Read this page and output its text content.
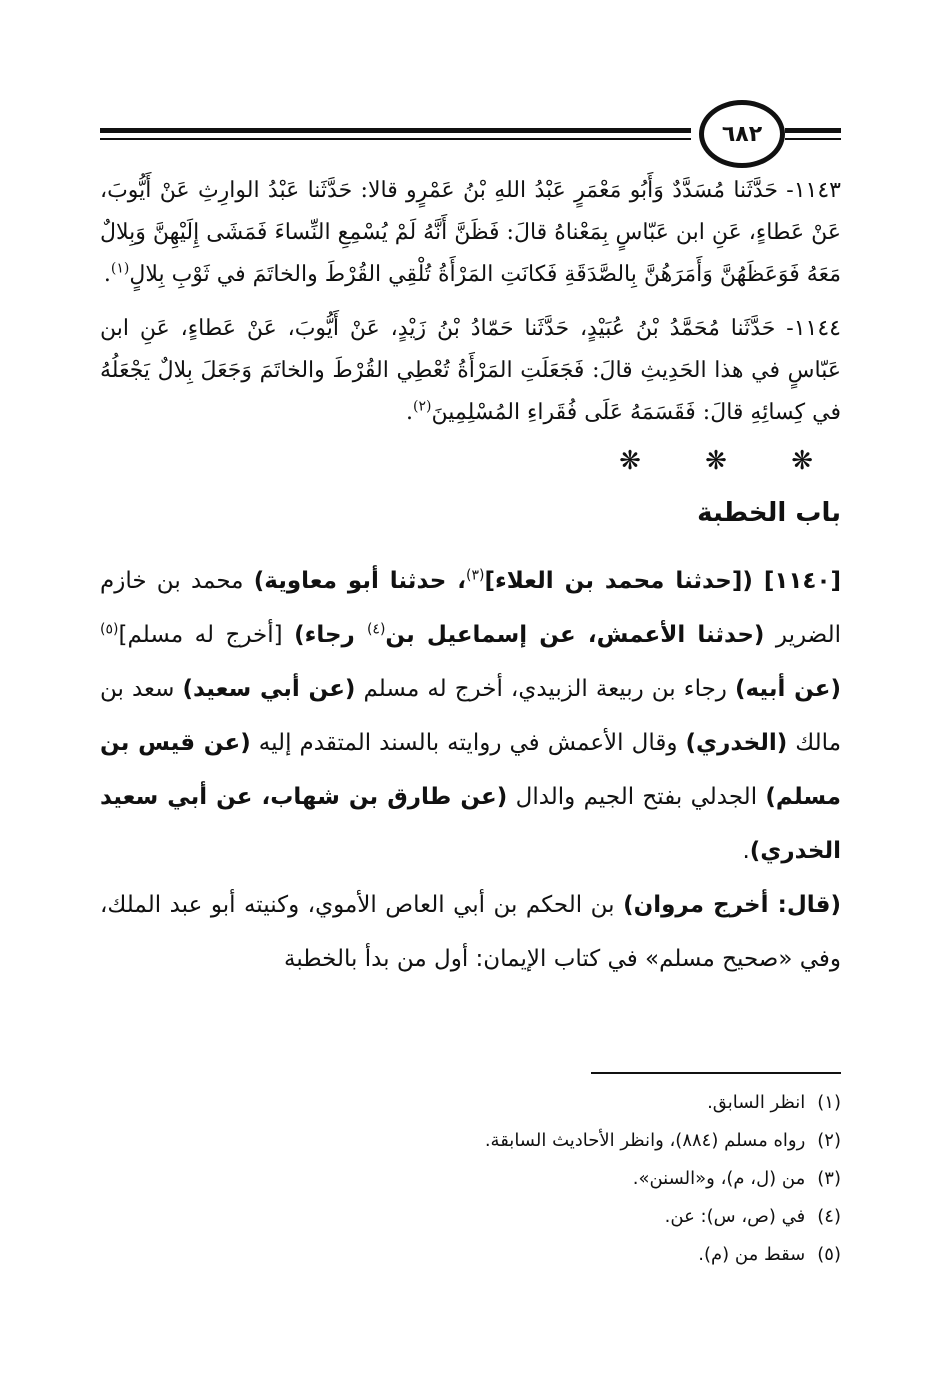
٦٨٢

١١٤٣- حَدَّثَنا مُسَدَّدٌ وَأَبُو مَعْمَرٍ عَبْدُ اللهِ بْنُ عَمْرٍو قالا: حَدَّثَنا عَبْدُ الوارِثِ عَنْ أَيُّوبَ، عَنْ عَطاءٍ، عَنِ ابن عَبّاسٍ بِمَعْناهُ قالَ: فَظَنَّ أَنَّهُ لَمْ يُسْمِعِ النِّساءَ فَمَشَى إِلَيْهِنَّ وَبِلالٌ مَعَهُ فَوَعَظَهُنَّ وَأَمَرَهُنَّ بِالصَّدَقَةِ فَكانَتِ المَرْأَةُ تُلْقِي القُرْطَ والخاتَمَ في ثَوْبِ بِلالٍ$^{(١)}$.

١١٤٤- حَدَّثَنا مُحَمَّدُ بْنُ عُبَيْدٍ، حَدَّثَنا حَمّادُ بْنُ زَيْدٍ، عَنْ أَيُّوبَ، عَنْ عَطاءٍ، عَنِ ابن عَبّاسٍ في هذا الحَدِيثِ قالَ: فَجَعَلَتِ المَرْأَةُ تُعْطِي القُرْطَ والخاتَمَ وَجَعَلَ بِلالٌ يَجْعَلُهُ في كِسائِهِ قالَ: فَقَسَمَهُ عَلَى فُقَراءِ المُسْلِمِينَ$^{(٢)}$.

❋ ❋ ❋
باب الخطبة

[١١٤٠] ([حدثنا محمد بن العلاء]$^{(٣)}$، حدثنا أبو معاوية) محمد بن خازم الضرير (حدثنا الأعمش، عن إسماعيل بن$^{(٤)}$ رجاء) [أخرج له مسلم]$^{(٥)}$ (عن أبيه) رجاء بن ربيعة الزبيدي، أخرج له مسلم (عن أبي سعيد) سعد بن مالك (الخدري) وقال الأعمش في روايته بالسند المتقدم إليه (عن قيس بن مسلم) الجدلي بفتح الجيم والدال (عن طارق بن شهاب، عن أبي سعيد الخدري).

(قال: أخرج مروان) بن الحكم بن أبي العاص الأموي، وكنيته أبو عبد الملك، وفي «صحيح مسلم» في كتاب الإيمان: أول من بدأ بالخطبة

(١)
انظر السابق.
(٢)
رواه مسلم (٨٨٤)، وانظر الأحاديث السابقة.
(٣)
من (ل، م)، و«السنن».
(٤)
في (ص، س): عن.
(٥)
سقط من (م).
